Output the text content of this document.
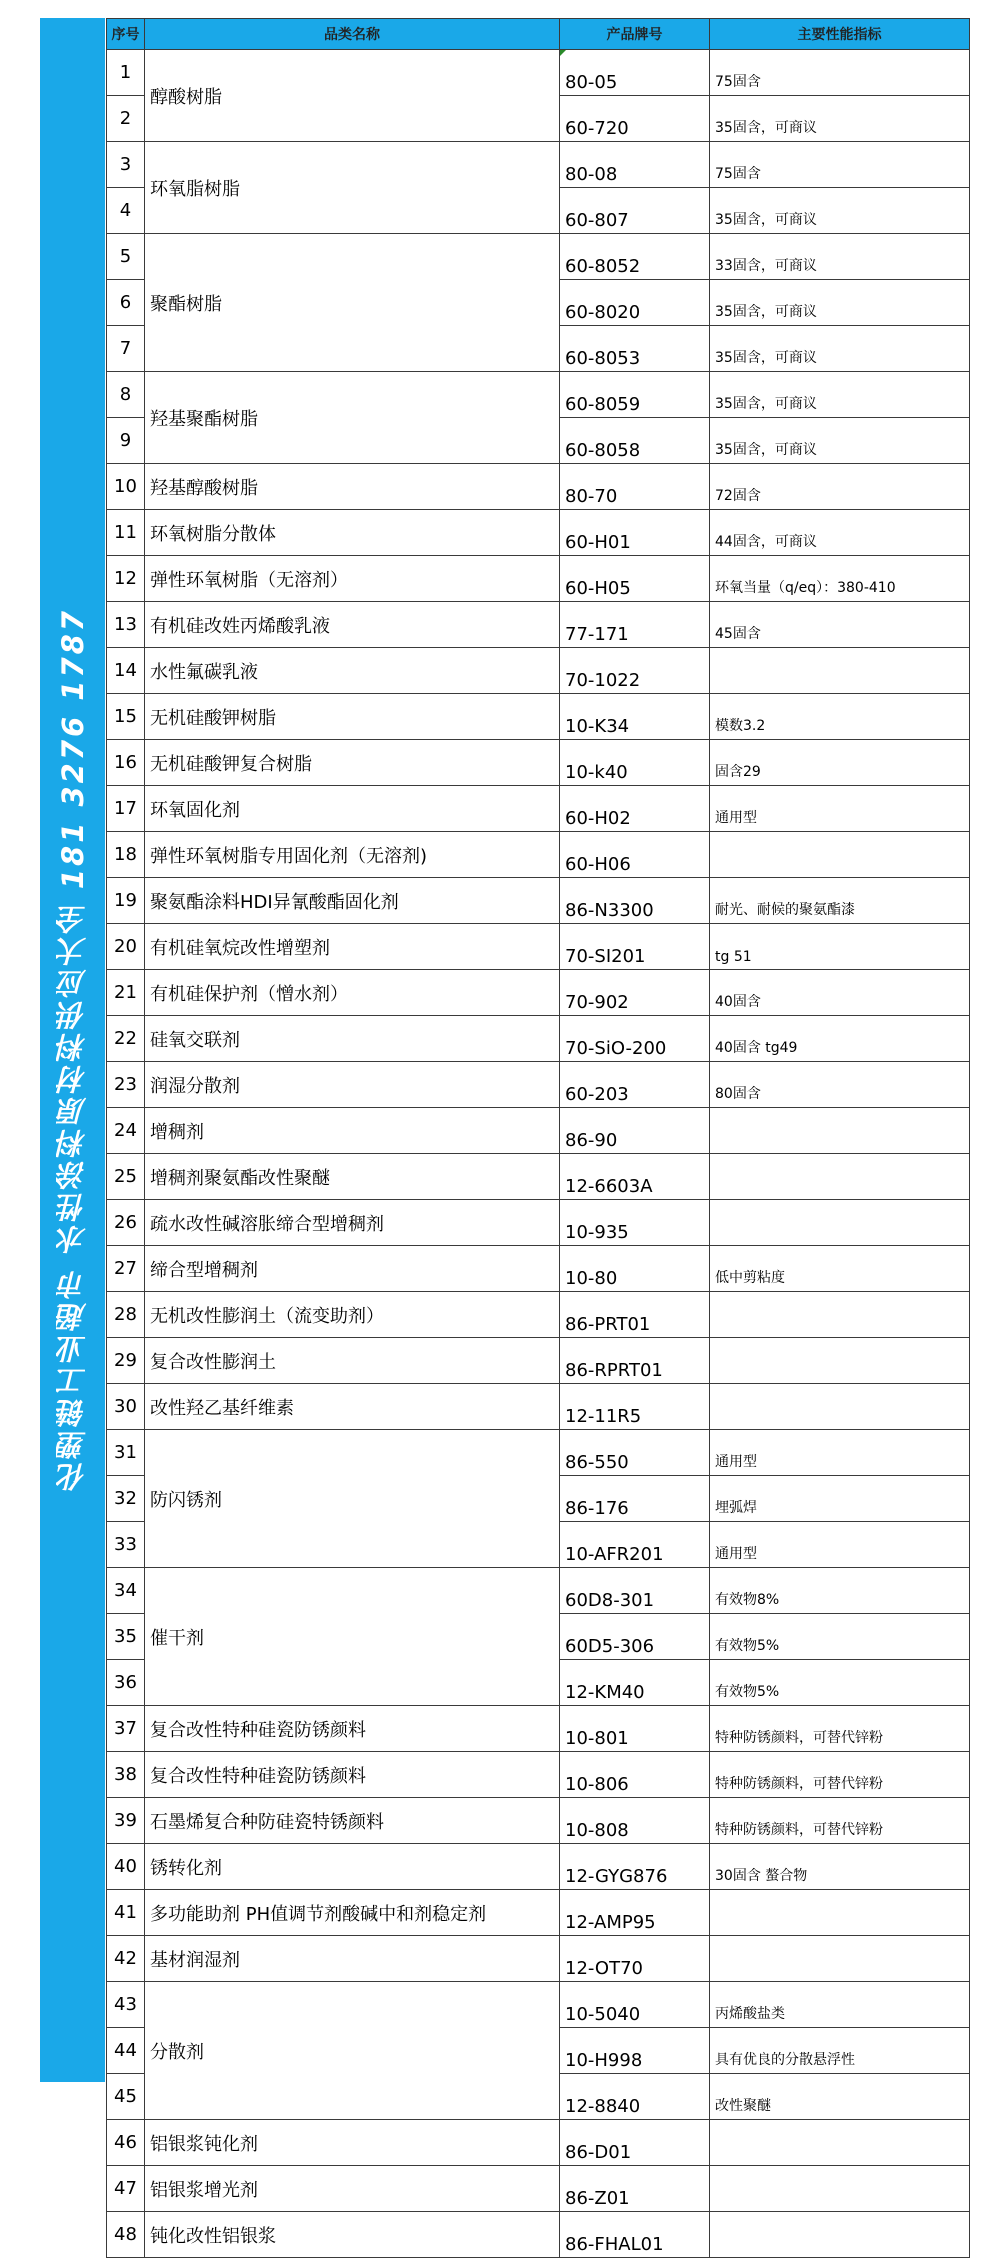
化塑链工业超市 水性涂料原材料供应大全 181 3276 1787
序号	品类名称	产品牌号	主要性能指标
1	醇酸树脂	80-05	75固含
2		60-720	35固含，可商议
3	环氧脂树脂	80-08	75固含
4		60-807	35固含，可商议
5	聚酯树脂	60-8052	33固含，可商议
6		60-8020	35固含，可商议
7		60-8053	35固含，可商议
8	羟基聚酯树脂	60-8059	35固含，可商议
9		60-8058	35固含，可商议
10	羟基醇酸树脂	80-70	72固含
11	环氧树脂分散体	60-H01	44固含，可商议
12	弹性环氧树脂（无溶剂）	60-H05	环氧当量（q/eq）：380-410
13	有机硅改姓丙烯酸乳液	77-171	45固含
14	水性氟碳乳液	70-1022	
15	无机硅酸钾树脂	10-K34	模数3.2
16	无机硅酸钾复合树脂	10-k40	固含29
17	环氧固化剂	60-H02	通用型
18	弹性环氧树脂专用固化剂（无溶剂)	60-H06	
19	聚氨酯涂料HDI异氰酸酯固化剂	86-N3300	耐光、耐候的聚氨酯漆
20	有机硅氧烷改性增塑剂	70-SI201	tg 51
21	有机硅保护剂（憎水剂）	70-902	40固含
22	硅氧交联剂	70-SiO-200	40固含 tg49
23	润湿分散剂	60-203	80固含
24	增稠剂	86-90	
25	增稠剂聚氨酯改性聚醚	12-6603A	
26	疏水改性碱溶胀缔合型增稠剂	10-935	
27	缔合型增稠剂	10-80	低中剪粘度
28	无机改性膨润土（流变助剂）	86-PRT01	
29	复合改性膨润土	86-RPRT01	
30	改性羟乙基纤维素	12-11R5	
31	防闪锈剂	86-550	通用型
32		86-176	埋弧焊
33		10-AFR201	通用型
34	催干剂	60D8-301	有效物8%
35		60D5-306	有效物5%
36		12-KM40	有效物5%
37	复合改性特种硅瓷防锈颜料	10-801	特种防锈颜料，可替代锌粉
38	复合改性特种硅瓷防锈颜料	10-806	特种防锈颜料，可替代锌粉
39	石墨烯复合种防硅瓷特锈颜料	10-808	特种防锈颜料，可替代锌粉
40	锈转化剂	12-GYG876	30固含 螯合物
41	多功能助剂 PH值调节剂酸碱中和剂稳定剂	12-AMP95	
42	基材润湿剂	12-OT70	
43	分散剂	10-5040	丙烯酸盐类
44		10-H998	具有优良的分散悬浮性
45		12-8840	改性聚醚
46	铝银浆钝化剂	86-D01	
47	铝银浆增光剂	86-Z01	
48	钝化改性铝银浆	86-FHAL01	
